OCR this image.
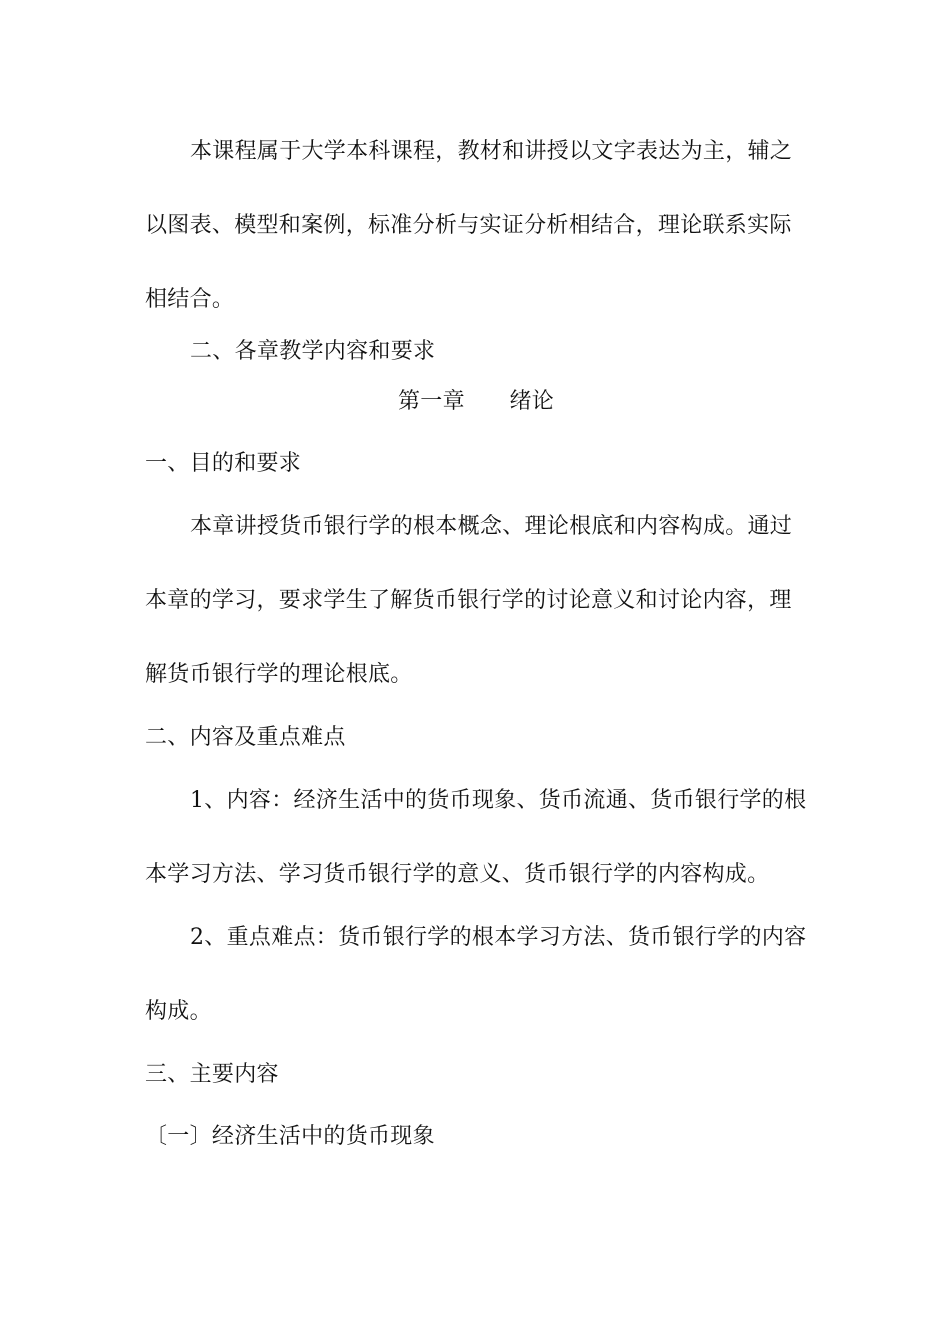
本课程属于大学本科课程，教材和讲授以文字表达为主，辅之
以图表、模型和案例，标准分析与实证分析相结合，理论联系实际
相结合。
二、各章教学内容和要求
第一章　　绪论
一、目的和要求
本章讲授货币银行学的根本概念、理论根底和内容构成。通过
本章的学习，要求学生了解货币银行学的讨论意义和讨论内容，理
解货币银行学的理论根底。
二、内容及重点难点
1、内容：经济生活中的货币现象、货币流通、货币银行学的根
本学习方法、学习货币银行学的意义、货币银行学的内容构成。
2、重点难点：货币银行学的根本学习方法、货币银行学的内容
构成。
三、主要内容
〔一〕经济生活中的货币现象
